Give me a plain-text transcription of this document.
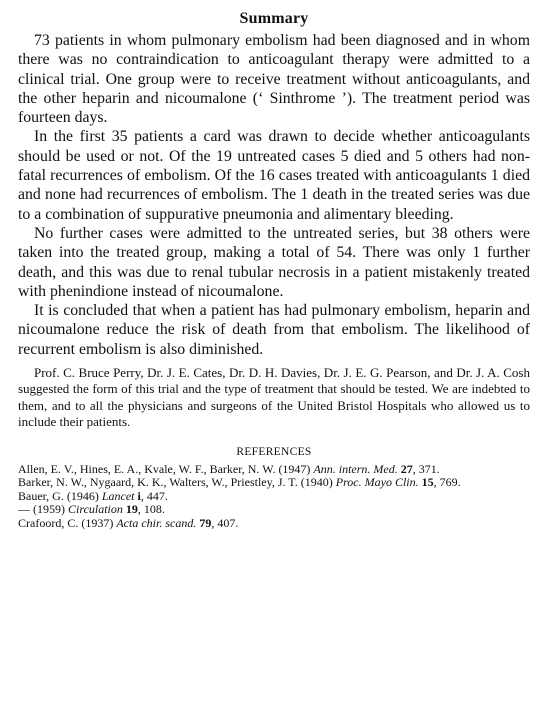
Summary

73 patients in whom pulmonary embolism had been diagnosed and in whom there was no contraindication to anticoagulant therapy were admitted to a clinical trial. One group were to receive treatment without anticoagulants, and the other heparin and nicoumalone (‘ Sinthrome ’). The treatment period was fourteen days.

In the first 35 patients a card was drawn to decide whether anticoagulants should be used or not. Of the 19 untreated cases 5 died and 5 others had non-fatal recurrences of embolism. Of the 16 cases treated with anticoagulants 1 died and none had recurrences of embolism. The 1 death in the treated series was due to a combination of suppurative pneumonia and alimentary bleeding.

No further cases were admitted to the untreated series, but 38 others were taken into the treated group, making a total of 54. There was only 1 further death, and this was due to renal tubular necrosis in a patient mistakenly treated with phenindione instead of nicoumalone.

It is concluded that when a patient has had pulmonary embolism, heparin and nicoumalone reduce the risk of death from that embolism. The likelihood of recurrent embolism is also diminished.

Prof. C. Bruce Perry, Dr. J. E. Cates, Dr. D. H. Davies, Dr. J. E. G. Pearson, and Dr. J. A. Cosh suggested the form of this trial and the type of treatment that should be tested. We are indebted to them, and to all the physicians and surgeons of the United Bristol Hospitals who allowed us to include their patients.

REFERENCES

Allen, E. V., Hines, E. A., Kvale, W. F., Barker, N. W. (1947) Ann. intern. Med. 27, 371.

Barker, N. W., Nygaard, K. K., Walters, W., Priestley, J. T. (1940) Proc. Mayo Clin. 15, 769.

Bauer, G. (1946) Lancet i, 447.

— (1959) Circulation 19, 108.

Crafoord, C. (1937) Acta chir. scand. 79, 407.
